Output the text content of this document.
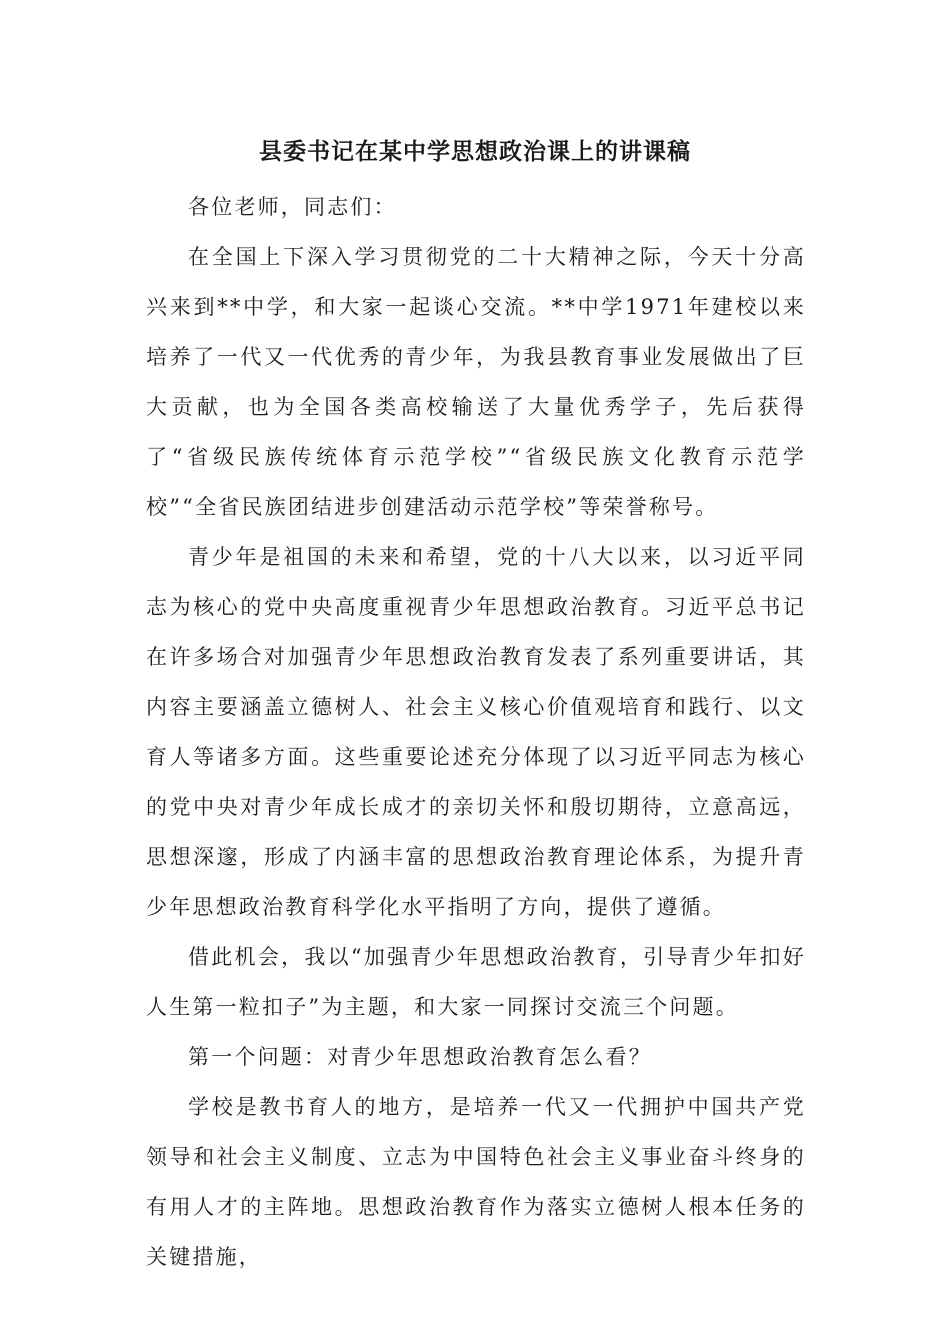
县委书记在某中学思想政治课上的讲课稿

各位老师，同志们：

在全国上下深入学习贯彻党的二十大精神之际，今天十分高兴来到**中学，和大家一起谈心交流。**中学1971年建校以来培养了一代又一代优秀的青少年，为我县教育事业发展做出了巨大贡献，也为全国各类高校输送了大量优秀学子，先后获得了“省级民族传统体育示范学校”“省级民族文化教育示范学校”“全省民族团结进步创建活动示范学校”等荣誉称号。

青少年是祖国的未来和希望，党的十八大以来，以习近平同志为核心的党中央高度重视青少年思想政治教育。习近平总书记在许多场合对加强青少年思想政治教育发表了系列重要讲话，其内容主要涵盖立德树人、社会主义核心价值观培育和践行、以文育人等诸多方面。这些重要论述充分体现了以习近平同志为核心的党中央对青少年成长成才的亲切关怀和殷切期待，立意高远，思想深邃，形成了内涵丰富的思想政治教育理论体系，为提升青少年思想政治教育科学化水平指明了方向，提供了遵循。

借此机会，我以“加强青少年思想政治教育，引导青少年扣好人生第一粒扣子”为主题，和大家一同探讨交流三个问题。

第一个问题：对青少年思想政治教育怎么看？

学校是教书育人的地方，是培养一代又一代拥护中国共产党领导和社会主义制度、立志为中国特色社会主义事业奋斗终身的有用人才的主阵地。思想政治教育作为落实立德树人根本任务的关键措施，
